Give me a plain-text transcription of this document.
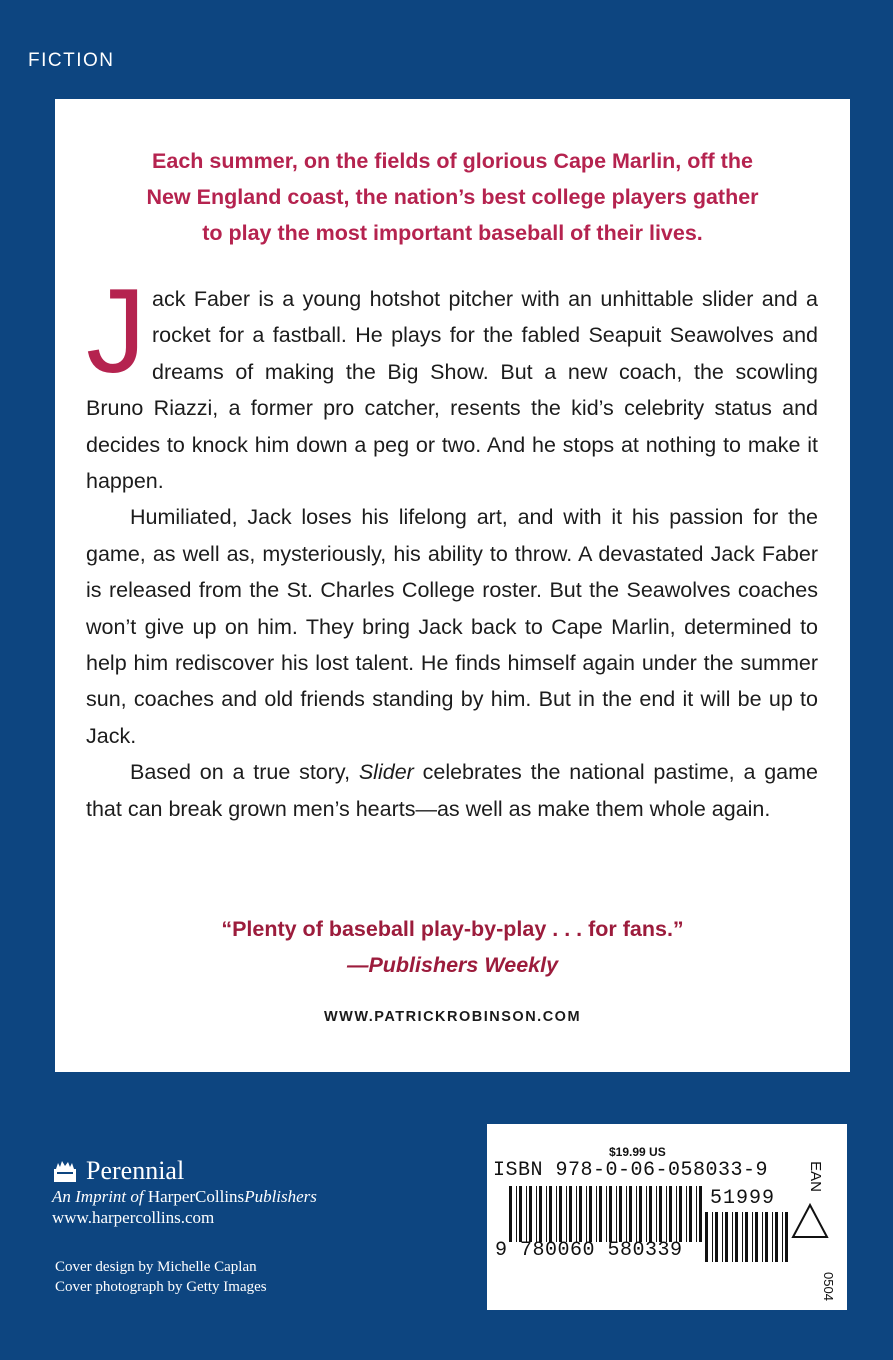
FICTION
Each summer, on the fields of glorious Cape Marlin, off the
New England coast, the nation’s best college players gather
to play the most important baseball of their lives.

Jack Faber is a young hotshot pitcher with an unhittable slider and a rocket for a fastball. He plays for the fabled Seapuit Seawolves and dreams of making the Big Show. But a new coach, the scowling Bruno Riazzi, a former pro catcher, resents the kid’s celebrity status and decides to knock him down a peg or two. And he stops at nothing to make it happen.

Humiliated, Jack loses his lifelong art, and with it his passion for the game, as well as, mysteriously, his ability to throw. A devastated Jack Faber is released from the St. Charles College roster. But the Seawolves coaches won’t give up on him. They bring Jack back to Cape Marlin, determined to help him rediscover his lost talent. He finds himself again under the summer sun, coaches and old friends standing by him. But in the end it will be up to Jack.

Based on a true story, Slider celebrates the national pastime, a game that can break grown men’s hearts—as well as make them whole again.

“Plenty of baseball play-by-play . . . for fans.”
—Publishers Weekly
WWW.PATRICKROBINSON.COM
Perennial
An Imprint of HarperCollinsPublishers
www.harpercollins.com
Cover design by Michelle Caplan
Cover photograph by Getty Images
$19.99 US
ISBN 978-0-06-058033-9	EAN
51999
9 780060 580339
0504
